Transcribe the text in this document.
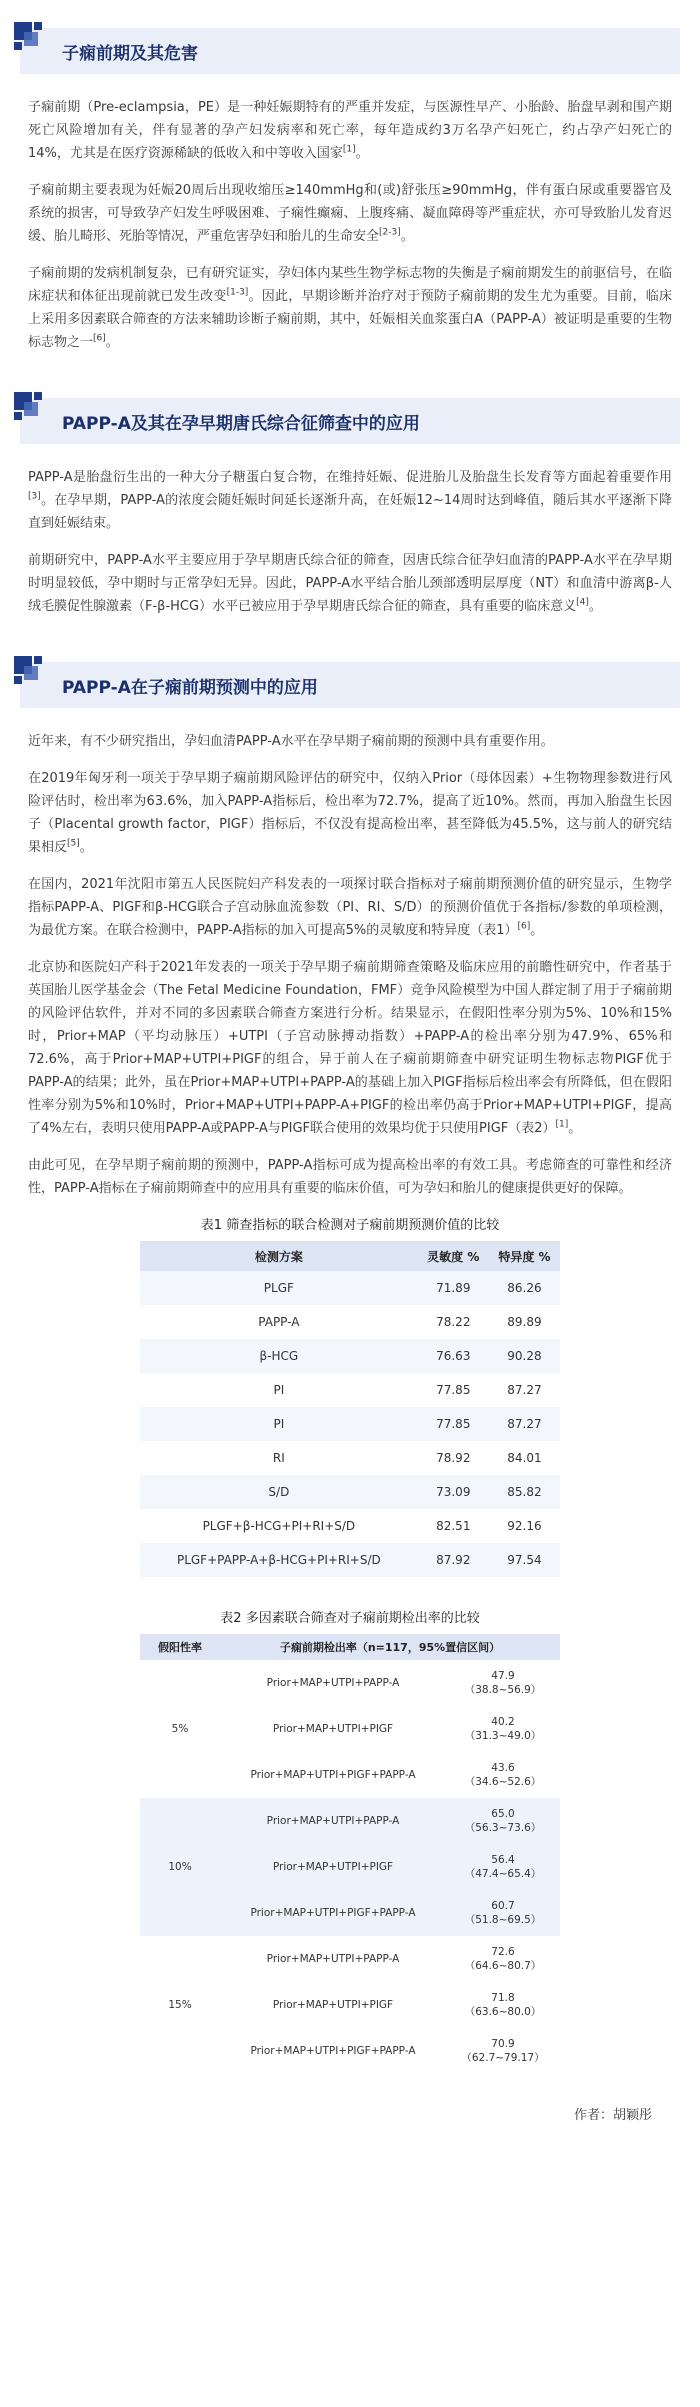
子痫前期及其危害

子痫前期（Pre-eclampsia，PE）是一种妊娠期特有的严重并发症，与医源性早产、小胎龄、胎盘早剥和围产期死亡风险增加有关，伴有显著的孕产妇发病率和死亡率，每年造成约3万名孕产妇死亡，约占孕产妇死亡的14%，尤其是在医疗资源稀缺的低收入和中等收入国家[1]。

子痫前期主要表现为妊娠20周后出现收缩压≥140mmHg和(或)舒张压≥90mmHg，伴有蛋白尿或重要器官及系统的损害，可导致孕产妇发生呼吸困难、子痫性癫痫、上腹疼痛、凝血障碍等严重症状，亦可导致胎儿发育迟缓、胎儿畸形、死胎等情况，严重危害孕妇和胎儿的生命安全[2-3]。

子痫前期的发病机制复杂，已有研究证实，孕妇体内某些生物学标志物的失衡是子痫前期发生的前驱信号，在临床症状和体征出现前就已发生改变[1-3]。因此，早期诊断并治疗对于预防子痫前期的发生尤为重要。目前，临床上采用多因素联合筛查的方法来辅助诊断子痫前期，其中，妊娠相关血浆蛋白A（PAPP-A）被证明是重要的生物标志物之一[6]。

PAPP-A及其在孕早期唐氏综合征筛查中的应用

PAPP-A是胎盘衍生出的一种大分子糖蛋白复合物，在维持妊娠、促进胎儿及胎盘生长发育等方面起着重要作用[3]。在孕早期，PAPP-A的浓度会随妊娠时间延长逐渐升高，在妊娠12~14周时达到峰值，随后其水平逐渐下降直到妊娠结束。

前期研究中，PAPP-A水平主要应用于孕早期唐氏综合征的筛查，因唐氏综合征孕妇血清的PAPP-A水平在孕早期时明显较低，孕中期时与正常孕妇无异。因此，PAPP-A水平结合胎儿颈部透明层厚度（NT）和血清中游离β-人绒毛膜促性腺激素（F-β-HCG）水平已被应用于孕早期唐氏综合征的筛查，具有重要的临床意义[4]。

PAPP-A在子痫前期预测中的应用

近年来，有不少研究指出，孕妇血清PAPP-A水平在孕早期子痫前期的预测中具有重要作用。

在2019年匈牙利一项关于孕早期子痫前期风险评估的研究中，仅纳入Prior（母体因素）+生物物理参数进行风险评估时，检出率为63.6%，加入PAPP-A指标后，检出率为72.7%，提高了近10%。然而，再加入胎盘生长因子（Placental growth factor，PIGF）指标后，不仅没有提高检出率，甚至降低为45.5%，这与前人的研究结果相反[5]。

在国内，2021年沈阳市第五人民医院妇产科发表的一项探讨联合指标对子痫前期预测价值的研究显示，生物学指标PAPP-A、PIGF和β-HCG联合子宫动脉血流参数（PI、RI、S/D）的预测价值优于各指标/参数的单项检测，为最优方案。在联合检测中，PAPP-A指标的加入可提高5%的灵敏度和特异度（表1）[6]。

北京协和医院妇产科于2021年发表的一项关于孕早期子痫前期筛查策略及临床应用的前瞻性研究中，作者基于英国胎儿医学基金会（The Fetal Medicine Foundation，FMF）竞争风险模型为中国人群定制了用于子痫前期的风险评估软件，并对不同的多因素联合筛查方案进行分析。结果显示，在假阳性率分别为5%、10%和15%时，Prior+MAP（平均动脉压）+UTPI（子宫动脉搏动指数）+PAPP-A的检出率分别为47.9%、65%和72.6%，高于Prior+MAP+UTPI+PIGF的组合，异于前人在子痫前期筛查中研究证明生物标志物PIGF优于PAPP-A的结果；此外，虽在Prior+MAP+UTPI+PAPP-A的基础上加入PIGF指标后检出率会有所降低，但在假阳性率分别为5%和10%时，Prior+MAP+UTPI+PAPP-A+PIGF的检出率仍高于Prior+MAP+UTPI+PIGF，提高了4%左右，表明只使用PAPP-A或PAPP-A与PIGF联合使用的效果均优于只使用PIGF（表2）[1]。

由此可见，在孕早期子痫前期的预测中，PAPP-A指标可成为提高检出率的有效工具。考虑筛查的可靠性和经济性，PAPP-A指标在子痫前期筛查中的应用具有重要的临床价值，可为孕妇和胎儿的健康提供更好的保障。

表1 筛查指标的联合检测对子痫前期预测价值的比较
检测方案	灵敏度 %	特异度 %
PLGF	71.89	86.26
PAPP-A	78.22	89.89
β-HCG	76.63	90.28
PI	77.85	87.27
PI	77.85	87.27
RI	78.92	84.01
S/D	73.09	85.82
PLGF+β-HCG+PI+RI+S/D	82.51	92.16
PLGF+PAPP-A+β-HCG+PI+RI+S/D	87.92	97.54
表2 多因素联合筛查对子痫前期检出率的比较
假阳性率	子痫前期检出率（n=117，95%置信区间）	
5%	Prior+MAP+UTPI+PAPP-A	47.9
（38.8~56.9）
	Prior+MAP+UTPI+PIGF	40.2
（31.3~49.0）
	Prior+MAP+UTPI+PIGF+PAPP-A	43.6
（34.6~52.6）
10%	Prior+MAP+UTPI+PAPP-A	65.0
（56.3~73.6）
	Prior+MAP+UTPI+PIGF	56.4
（47.4~65.4）
	Prior+MAP+UTPI+PIGF+PAPP-A	60.7
（51.8~69.5）
15%	Prior+MAP+UTPI+PAPP-A	72.6
（64.6~80.7）
	Prior+MAP+UTPI+PIGF	71.8
（63.6~80.0）
	Prior+MAP+UTPI+PIGF+PAPP-A	70.9
（62.7~79.17）
作者：胡颖彤
